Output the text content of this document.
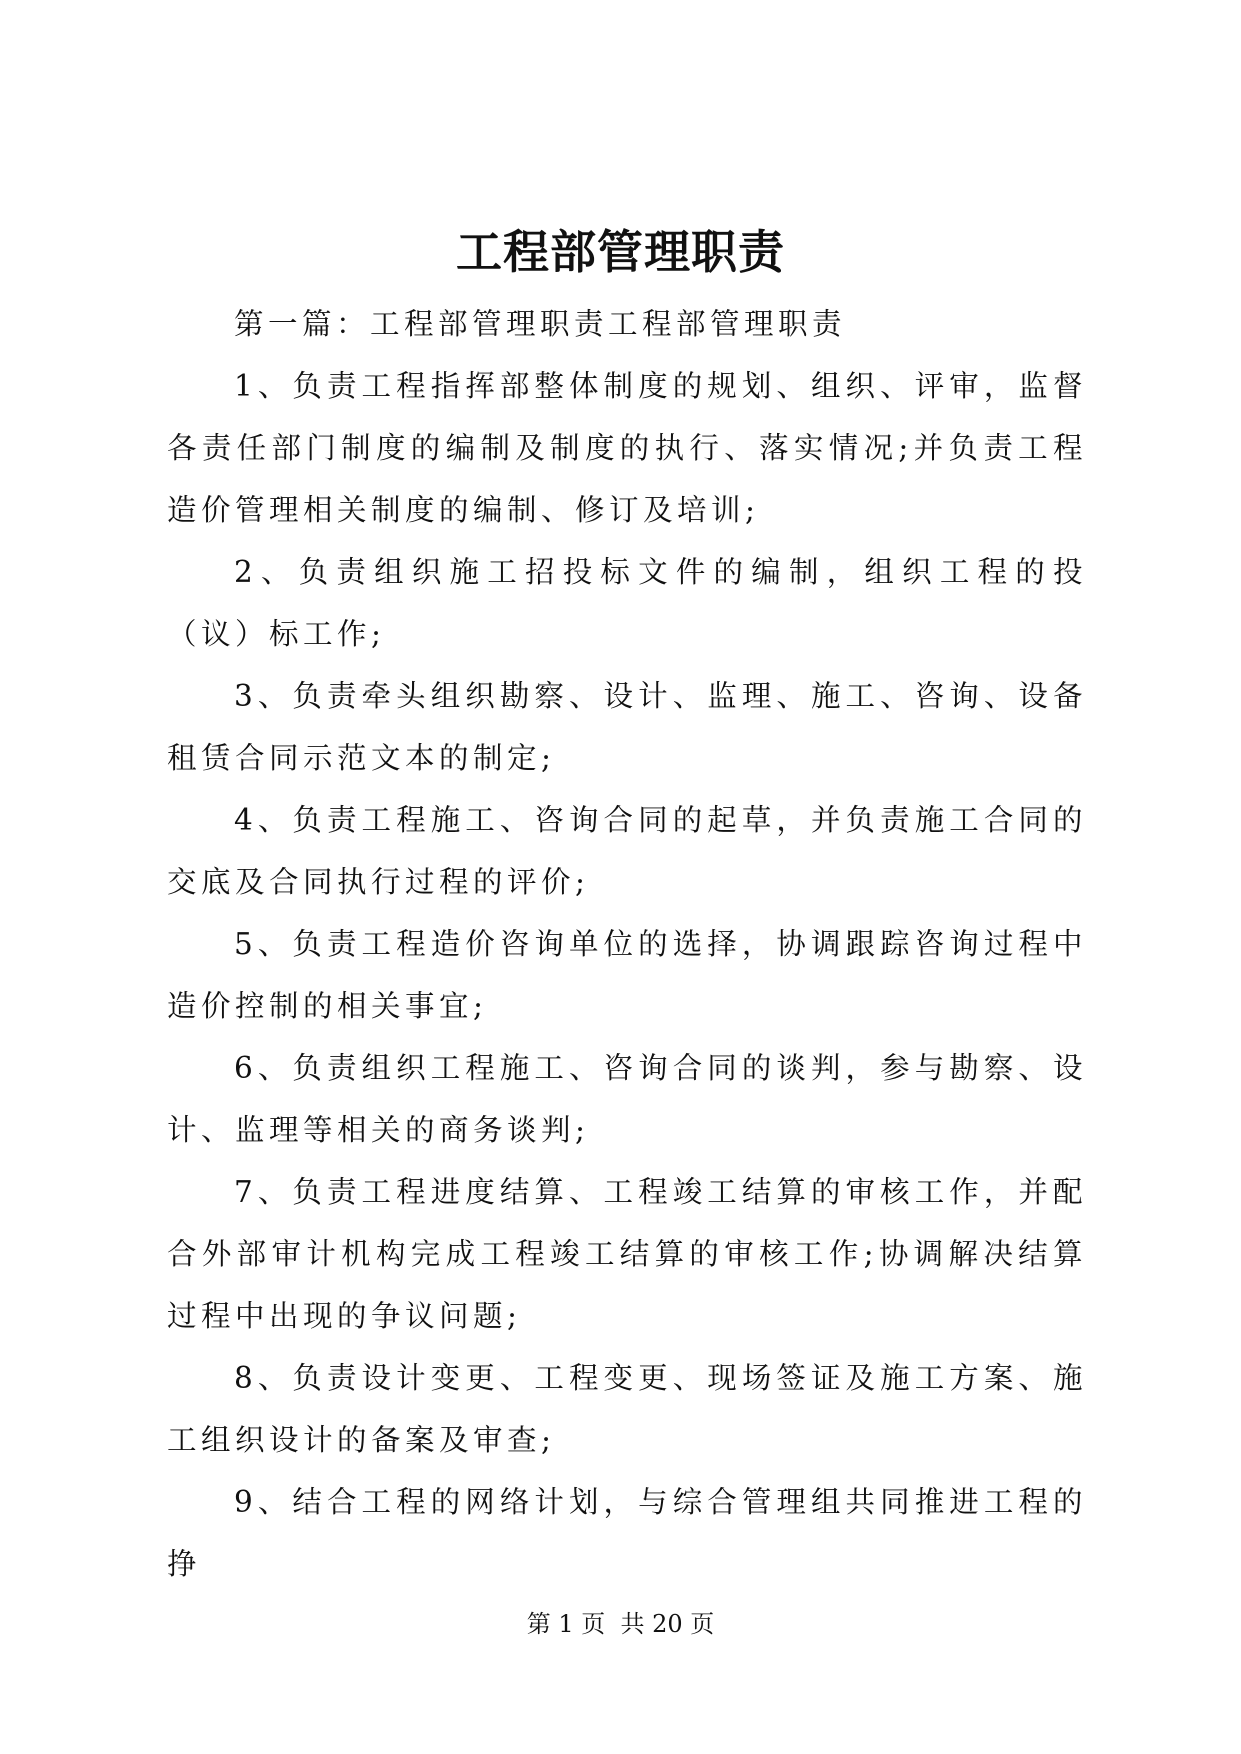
工程部管理职责

第一篇：工程部管理职责工程部管理职责

1、负责工程指挥部整体制度的规划、组织、评审，监督各责任部门制度的编制及制度的执行、落实情况;并负责工程造价管理相关制度的编制、修订及培训;

2、负责组织施工招投标文件的编制，组织工程的投（议）标工作;

3、负责牵头组织勘察、设计、监理、施工、咨询、设备租赁合同示范文本的制定;

4、负责工程施工、咨询合同的起草，并负责施工合同的交底及合同执行过程的评价;

5、负责工程造价咨询单位的选择，协调跟踪咨询过程中造价控制的相关事宜;

6、负责组织工程施工、咨询合同的谈判，参与勘察、设计、监理等相关的商务谈判;

7、负责工程进度结算、工程竣工结算的审核工作，并配合外部审计机构完成工程竣工结算的审核工作;协调解决结算过程中出现的争议问题;

8、负责设计变更、工程变更、现场签证及施工方案、施工组织设计的备案及审查;

9、结合工程的网络计划，与综合管理组共同推进工程的挣

第 1 页  共 20 页
